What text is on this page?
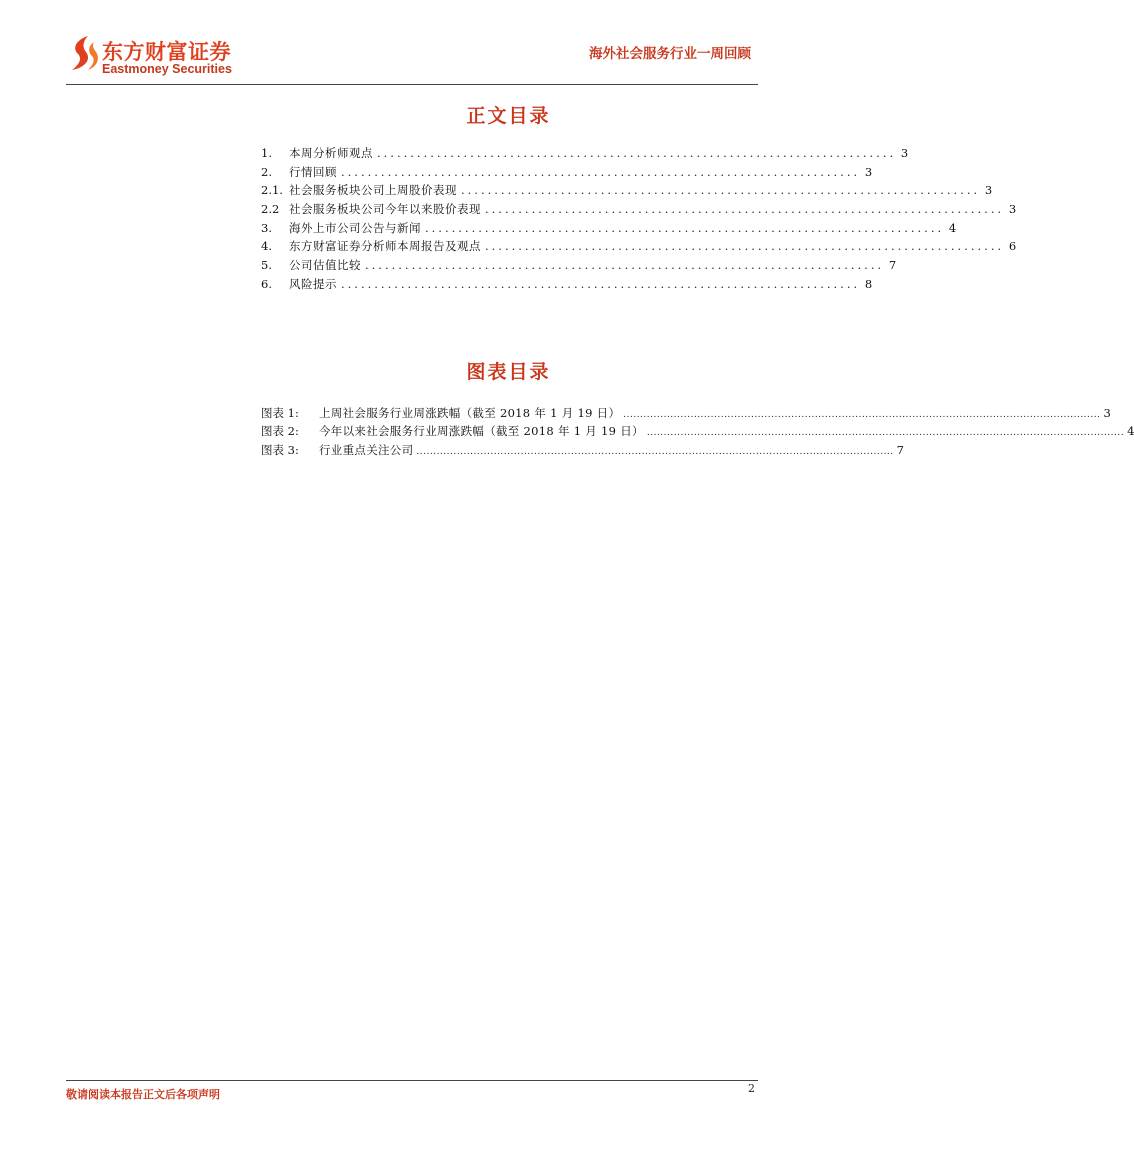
东方财富证券
Eastmoney Securities
海外社会服务行业一周回顾
正文目录
1.	本周分析师观点 .............................................................................. 3
2.	行情回顾 .............................................................................. 3
2.1. 社会服务板块公司上周股价表现 .............................................................................. 3
2.2 社会服务板块公司今年以来股价表现 .............................................................................. 3
3.	海外上市公司公告与新闻 .............................................................................. 4
4.	东方财富证券分析师本周报告及观点 .............................................................................. 6
5.	公司估值比较 .............................................................................. 7
6.	风险提示 .............................................................................. 8
图表目录
图表 1:	上周社会服务行业周涨跌幅（截至 2018 年 1 月 19 日） .............................................................................................................................................. 3
图表 2:	今年以来社会服务行业周涨跌幅（截至 2018 年 1 月 19 日） .............................................................................................................................................. 4
图表 3:	行业重点关注公司 .............................................................................................................................................. 7
敬请阅读本报告正文后各项声明	2
